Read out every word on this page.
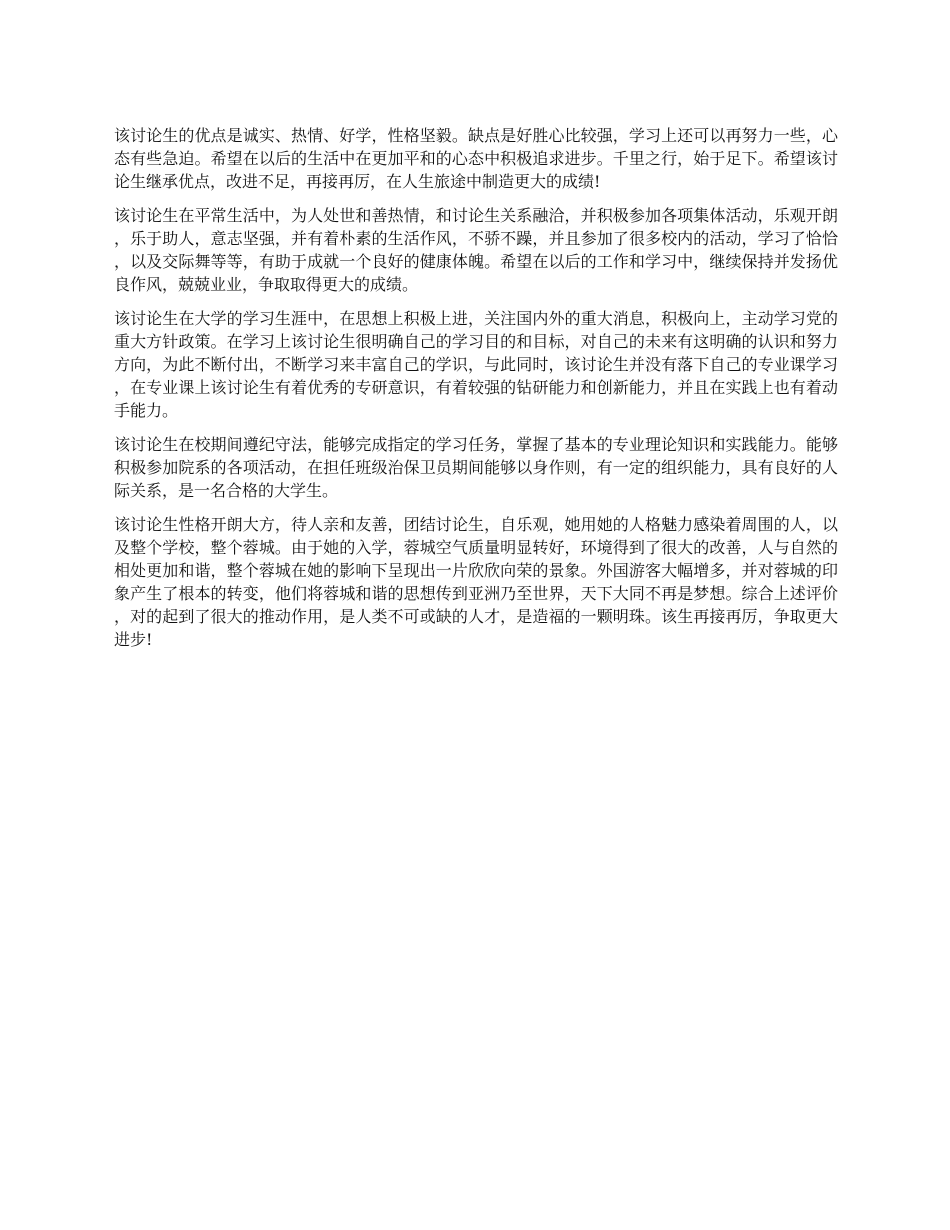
该讨论生的优点是诚实、热情、好学，性格坚毅。缺点是好胜心比较强，学习上还可以再努力一些，心态有些急迫。希望在以后的生活中在更加平和的心态中积极追求进步。千里之行，始于足下。希望该讨论生继承优点，改进不足，再接再厉，在人生旅途中制造更大的成绩!

该讨论生在平常生活中，为人处世和善热情，和讨论生关系融洽，并积极参加各项集体活动，乐观开朗，乐于助人，意志坚强，并有着朴素的生活作风，不骄不躁，并且参加了很多校内的活动，学习了恰恰，以及交际舞等等，有助于成就一个良好的健康体魄。希望在以后的工作和学习中，继续保持并发扬优良作风，兢兢业业，争取取得更大的成绩。

该讨论生在大学的学习生涯中，在思想上积极上进，关注国内外的重大消息，积极向上，主动学习党的重大方针政策。在学习上该讨论生很明确自己的学习目的和目标，对自己的未来有这明确的认识和努力方向，为此不断付出，不断学习来丰富自己的学识，与此同时，该讨论生并没有落下自己的专业课学习，在专业课上该讨论生有着优秀的专研意识，有着较强的钻研能力和创新能力，并且在实践上也有着动手能力。

该讨论生在校期间遵纪守法，能够完成指定的学习任务，掌握了基本的专业理论知识和实践能力。能够积极参加院系的各项活动，在担任班级治保卫员期间能够以身作则，有一定的组织能力，具有良好的人际关系，是一名合格的大学生。

该讨论生性格开朗大方，待人亲和友善，团结讨论生，自乐观，她用她的人格魅力感染着周围的人，以及整个学校，整个蓉城。由于她的入学，蓉城空气质量明显转好，环境得到了很大的改善，人与自然的相处更加和谐，整个蓉城在她的影响下呈现出一片欣欣向荣的景象。外国游客大幅增多，并对蓉城的印象产生了根本的转变，他们将蓉城和谐的思想传到亚洲乃至世界，天下大同不再是梦想。综合上述评价，对的起到了很大的推动作用，是人类不可或缺的人才，是造福的一颗明珠。该生再接再厉，争取更大进步!
